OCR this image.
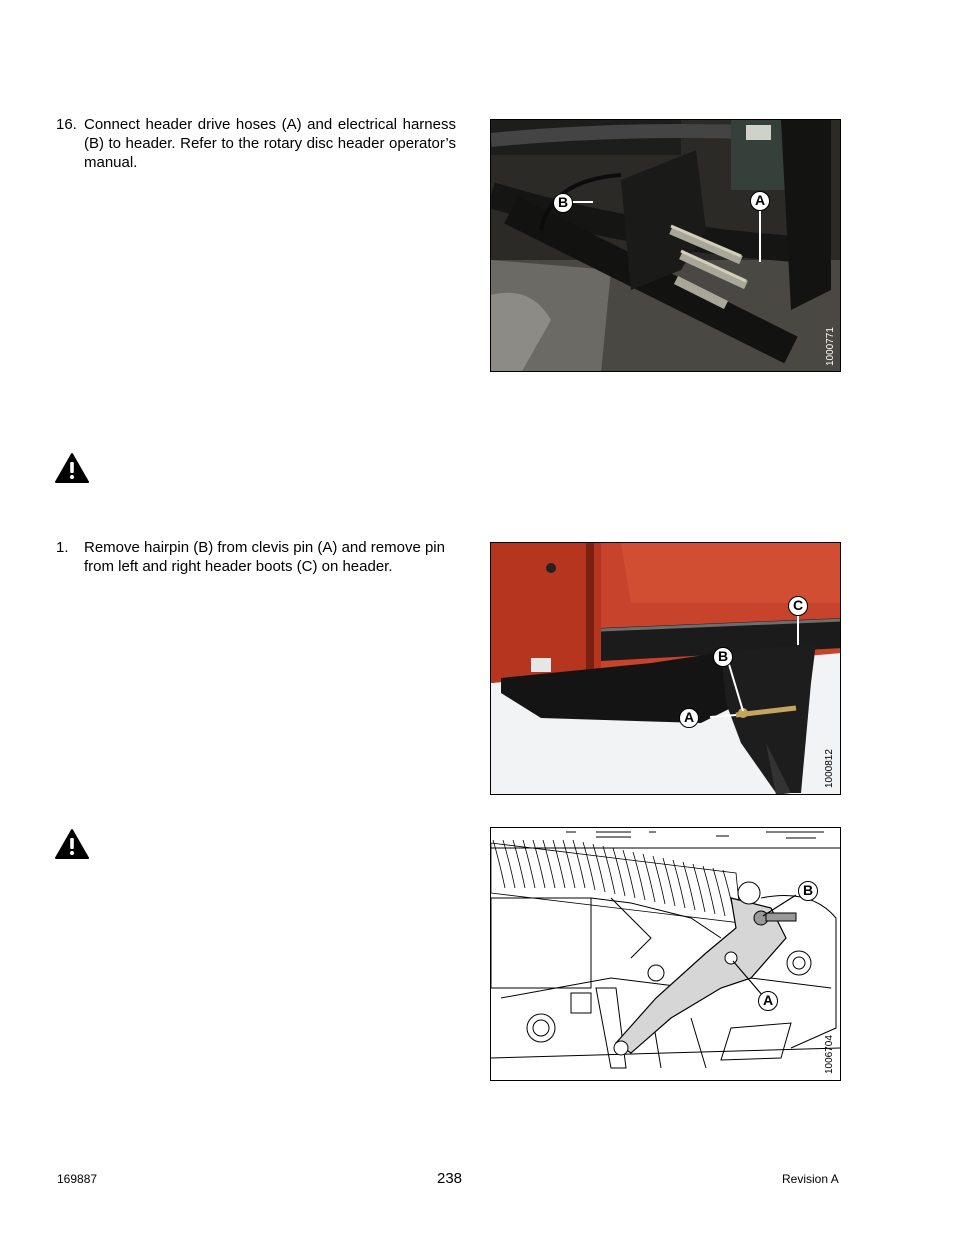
16. Connect header drive hoses (A) and electrical harness (B) to header. Refer to the rotary disc header operator’s manual.
B	A
1000771
1. Remove hairpin (B) from clevis pin (A) and remove pin from left and right header boots (C) on header.
A
B
C
1000812
B
A
1006704
169887	238	Revision A
